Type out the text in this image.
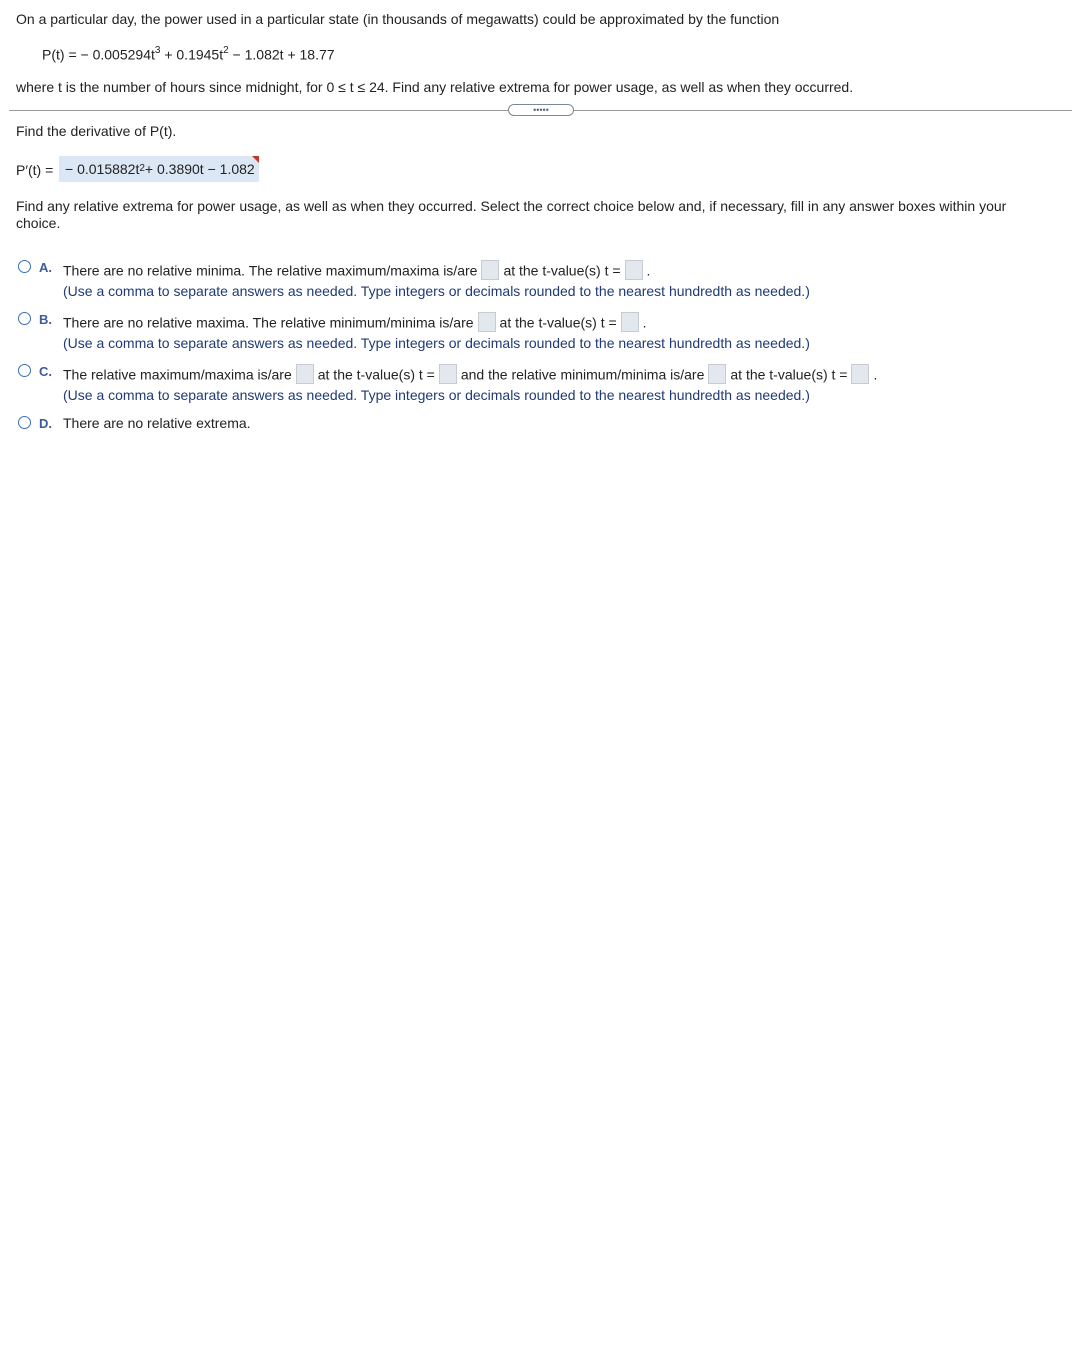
On a particular day, the power used in a particular state (in thousands of megawatts) could be approximated by the function
P(t) = − $0.005294t^3 + 0.1945t^2 - 1.082t + 18.77$
where t is the number of hours since midnight, for 0 ≤ t ≤ 24. Find any relative extrema for power usage, as well as when they occurred.
•••••
Find the derivative of P(t).
P′(t) = − $0.015882t^2 + 0.3890t - 1.082$
Find any relative extrema for power usage, as well as when they occurred. Select the correct choice below and, if necessary, fill in any answer boxes within your
choice.
A. There are no relative minima. The relative maximum/maxima is/are at the t-value(s) t = .
(Use a comma to separate answers as needed. Type integers or decimals rounded to the nearest hundredth as needed.)
B. There are no relative maxima. The relative minimum/minima is/are at the t-value(s) t = .
(Use a comma to separate answers as needed. Type integers or decimals rounded to the nearest hundredth as needed.)
C. The relative maximum/maxima is/are at the t-value(s) t = and the relative minimum/minima is/are at the t-value(s) t = .
(Use a comma to separate answers as needed. Type integers or decimals rounded to the nearest hundredth as needed.)
D. There are no relative extrema.
